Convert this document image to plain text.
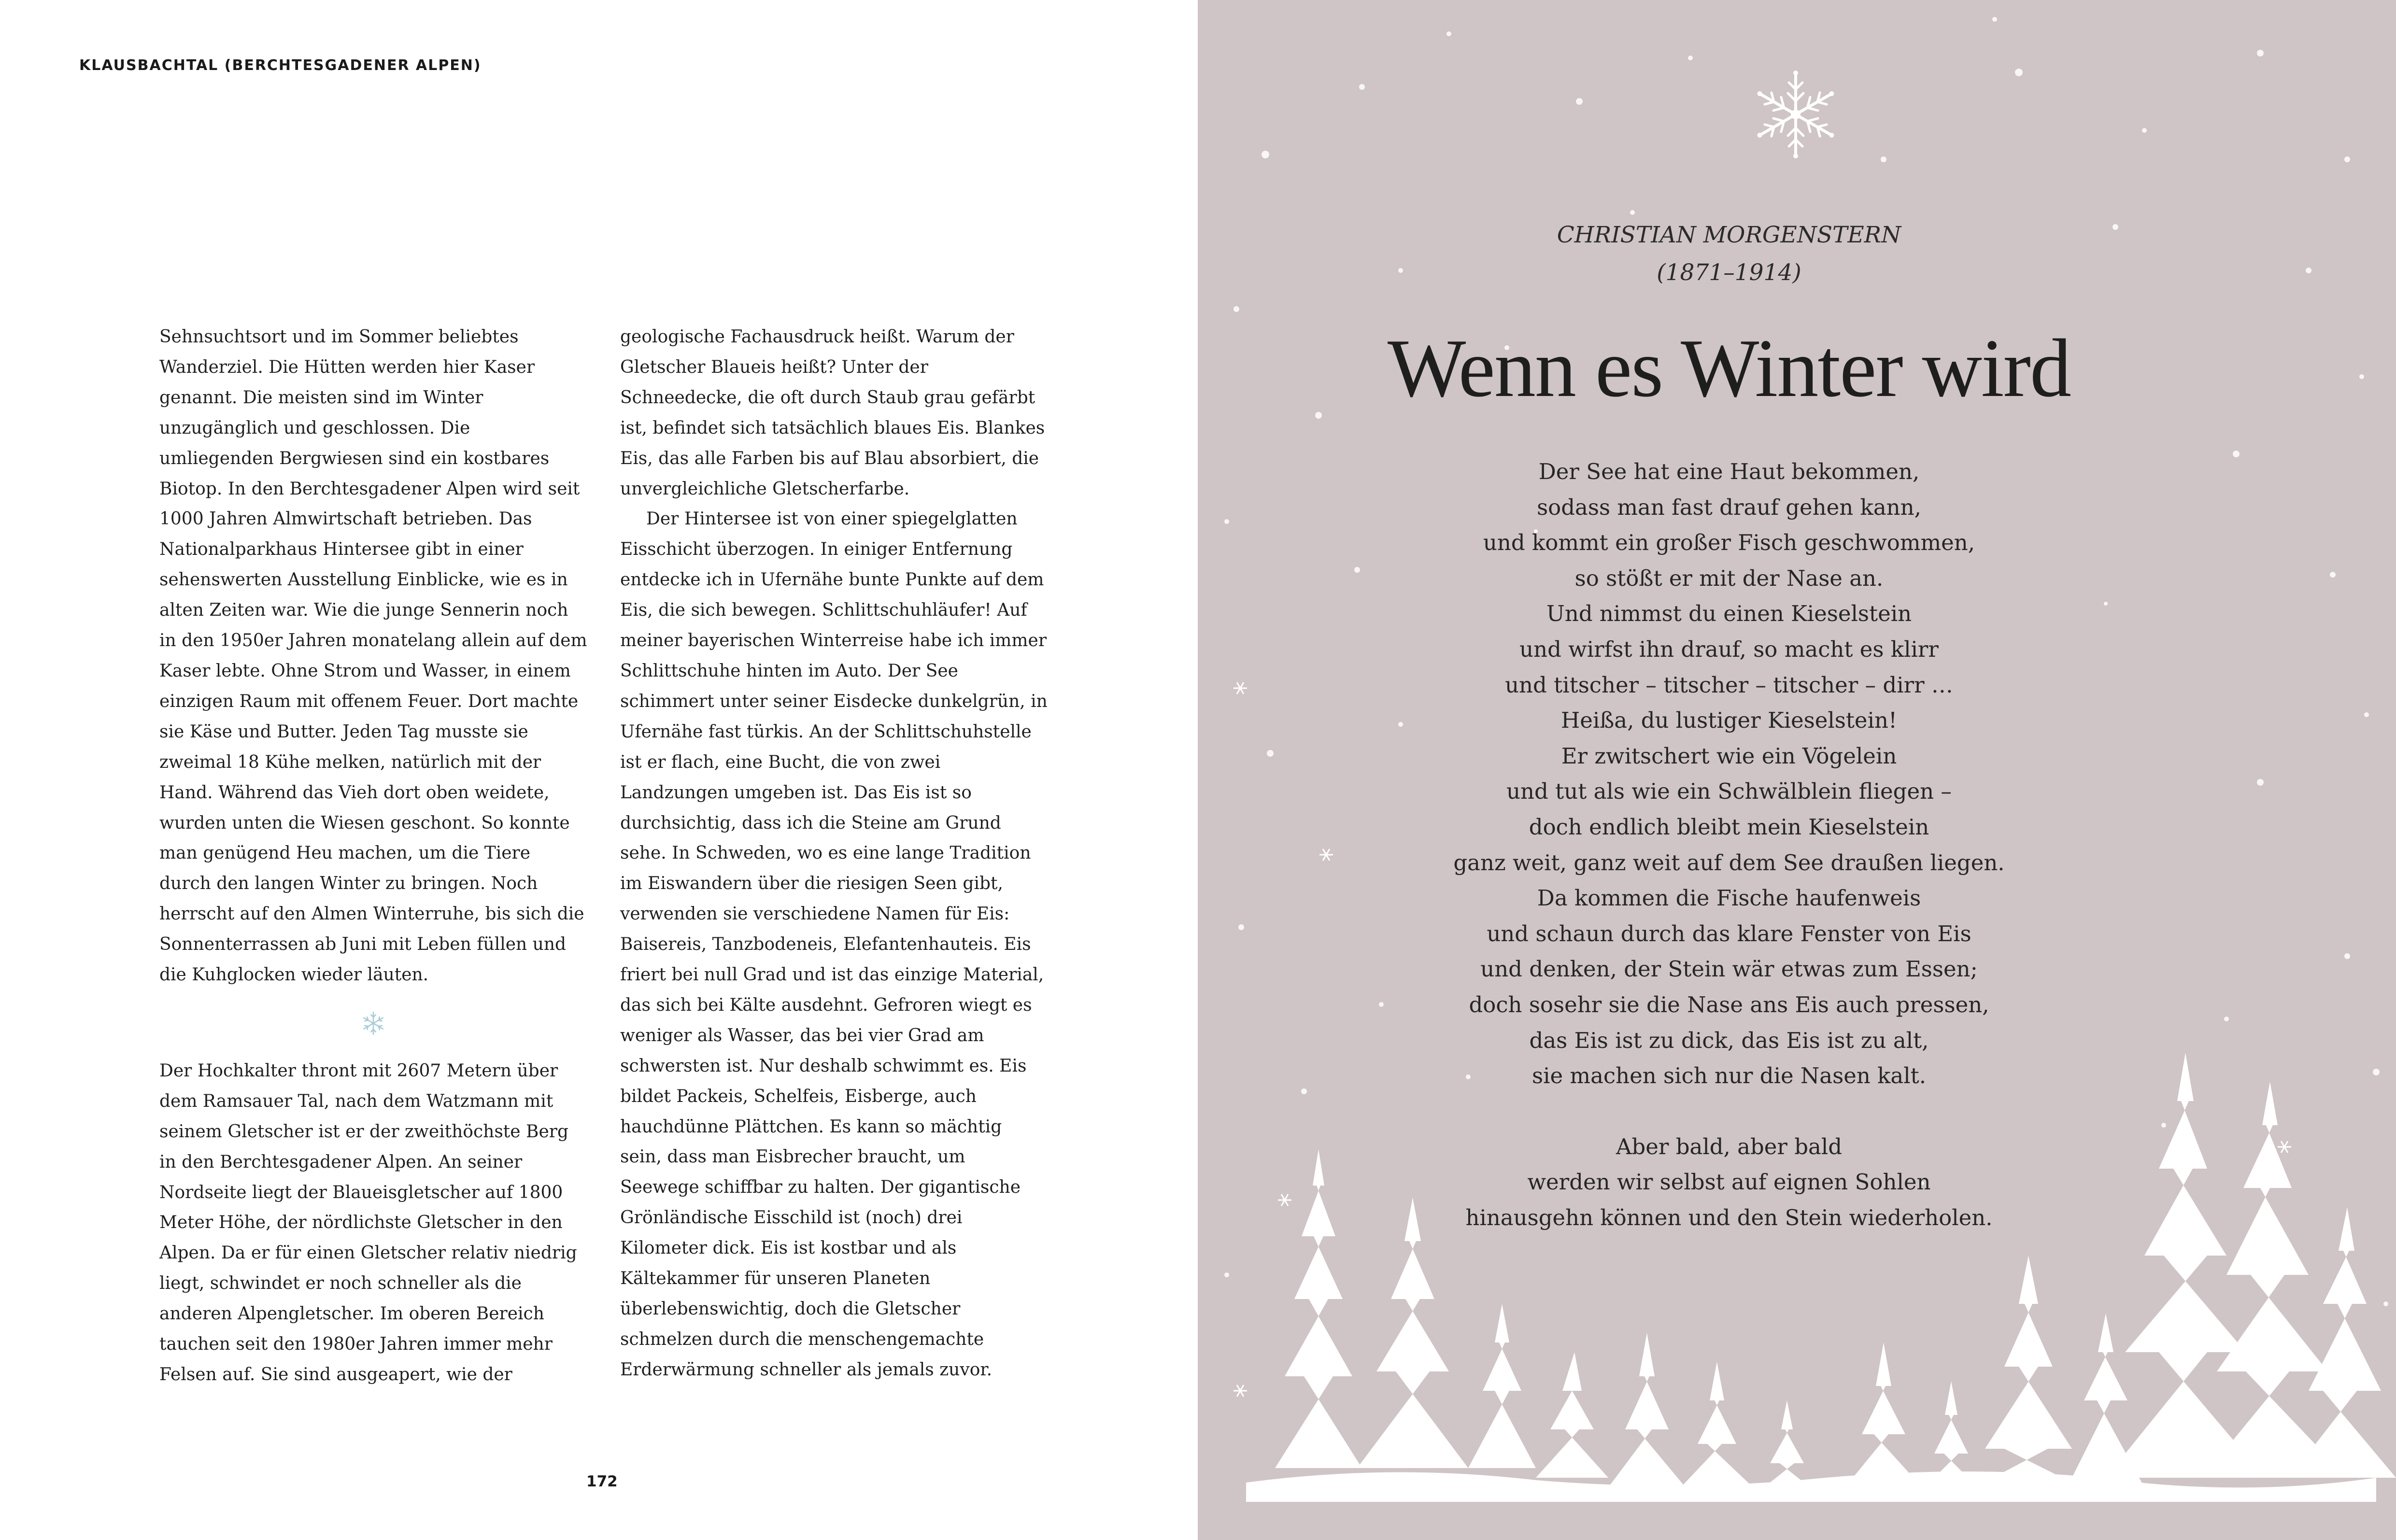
KLAUSBACHTAL (BERCHTESGADENER ALPEN)

Sehnsuchtsort und im Sommer beliebtes Wanderziel. Die Hütten werden hier Kaser genannt. Die meisten sind im Winter unzugänglich und geschlossen. Die umliegenden Bergwiesen sind ein kostbares Biotop. In den Berchtesgadener Alpen wird seit 1000 Jahren Almwirtschaft betrieben. Das Nationalparkhaus Hintersee gibt in einer sehenswerten Ausstellung Einblicke, wie es in alten Zeiten war. Wie die junge Sennerin noch in den 1950er Jahren monatelang allein auf dem Kaser lebte. Ohne Strom und Wasser, in einem einzigen Raum mit offenem Feuer. Dort machte sie Käse und Butter. Jeden Tag musste sie zweimal 18 Kühe melken, natürlich mit der Hand. Während das Vieh dort oben weidete, wurden unten die Wiesen geschont. So konnte man genügend Heu machen, um die Tiere durch den langen Winter zu bringen. Noch herrscht auf den Almen Winterruhe, bis sich die Sonnenterrassen ab Juni mit Leben füllen und die Kuhglocken wieder läuten.

Der Hochkalter thront mit 2607 Metern über dem Ramsauer Tal, nach dem Watzmann mit seinem Gletscher ist er der zweithöchste Berg in den Berchtesgadener Alpen. An seiner Nordseite liegt der Blaueisgletscher auf 1800 Meter Höhe, der nördlichste Gletscher in den Alpen. Da er für einen Gletscher relativ niedrig liegt, schwindet er noch schneller als die anderen Alpengletscher. Im oberen Bereich tauchen seit den 1980er Jahren immer mehr Felsen auf. Sie sind ausgeapert, wie der

geologische Fachausdruck heißt. Warum der Gletscher Blaueis heißt? Unter der Schneedecke, die oft durch Staub grau gefärbt ist, befindet sich tatsächlich blaues Eis. Blankes Eis, das alle Farben bis auf Blau absorbiert, die unvergleichliche Gletscherfarbe.

Der Hintersee ist von einer spiegelglatten Eisschicht überzogen. In einiger Entfernung entdecke ich in Ufernähe bunte Punkte auf dem Eis, die sich bewegen. Schlittschuhläufer! Auf meiner bayerischen Winterreise habe ich immer Schlittschuhe hinten im Auto. Der See schimmert unter seiner Eisdecke dunkelgrün, in Ufernähe fast türkis. An der Schlittschuhstelle ist er flach, eine Bucht, die von zwei Landzungen umgeben ist. Das Eis ist so durchsichtig, dass ich die Steine am Grund sehe. In Schweden, wo es eine lange Tradition im Eiswandern über die riesigen Seen gibt, verwenden sie verschiedene Namen für Eis: Baisereis, Tanzbodeneis, Elefantenhauteis. Eis friert bei null Grad und ist das einzige Material, das sich bei Kälte ausdehnt. Gefroren wiegt es weniger als Wasser, das bei vier Grad am schwersten ist. Nur deshalb schwimmt es. Eis bildet Packeis, Schelfeis, Eisberge, auch hauchdünne Plättchen. Es kann so mächtig sein, dass man Eisbrecher braucht, um Seewege schiffbar zu halten. Der gigantische Grönländische Eisschild ist (noch) drei Kilometer dick. Eis ist kostbar und als Kältekammer für unseren Planeten überlebenswichtig, doch die Gletscher schmelzen durch die menschengemachte Erderwärmung schneller als jemals zuvor.

172
CHRISTIAN MORGENSTERN
(1871–1914)
Wenn es Winter wird
Der See hat eine Haut bekommen,
sodass man fast drauf gehen kann,
und kommt ein großer Fisch geschwommen,
so stößt er mit der Nase an.
Und nimmst du einen Kieselstein
und wirfst ihn drauf, so macht es klirr
und titscher – titscher – titscher – dirr …
Heißa, du lustiger Kieselstein!
Er zwitschert wie ein Vögelein
und tut als wie ein Schwälblein fliegen –
doch endlich bleibt mein Kieselstein
ganz weit, ganz weit auf dem See draußen liegen.
Da kommen die Fische haufenweis
und schaun durch das klare Fenster von Eis
und denken, der Stein wär etwas zum Essen;
doch sosehr sie die Nase ans Eis auch pressen,
das Eis ist zu dick, das Eis ist zu alt,
sie machen sich nur die Nasen kalt.
Aber bald, aber bald
werden wir selbst auf eignen Sohlen
hinausgehn können und den Stein wiederholen.
